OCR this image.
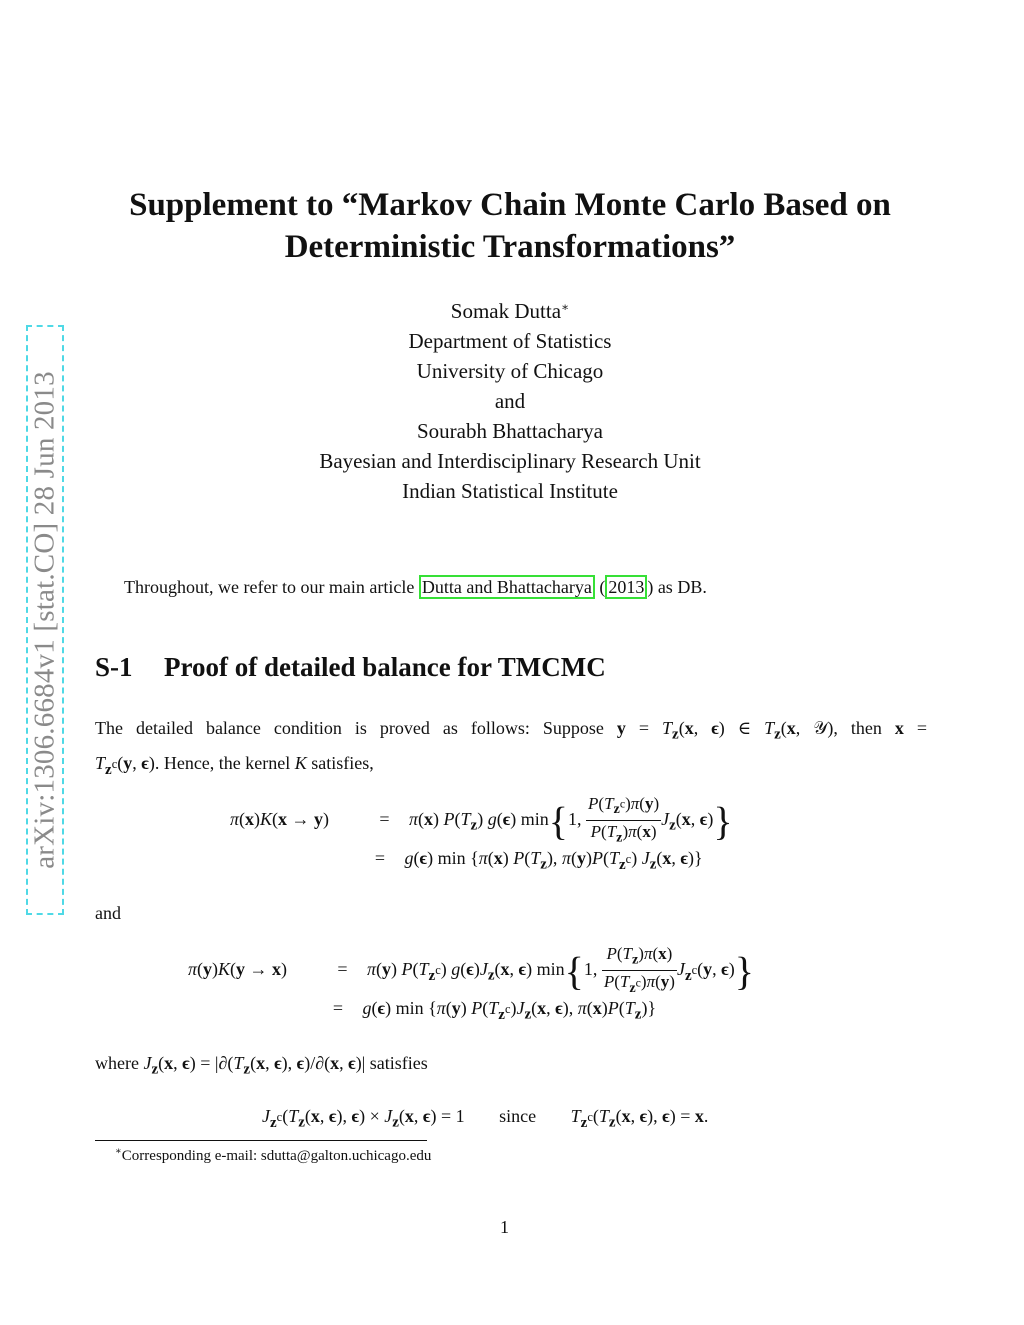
arXiv:1306.6684v1 [stat.CO] 28 Jun 2013
Supplement to “Markov Chain Monte Carlo Based on
Deterministic Transformations”
Somak Dutta∗
Department of Statistics
University of Chicago
and
Sourabh Bhattacharya
Bayesian and Interdisciplinary Research Unit
Indian Statistical Institute
Throughout, we refer to our main article Dutta and Bhattacharya ( 2013 ) as DB.
S-1 Proof of detailed balance for TMCMC
The detailed balance condition is proved as follows: Suppose $y = T_z(x$, ϵ) ∈ $T_z(x$, 𝒴), then x =
$T_{z^c}(y$, ϵ). Hence, the kernel K satisfies,
π(x)K(x → y)	= π(x) $P(T_z)$ g(ϵ) min{1, $\frac{P(T_{z^c})\pi(y)}{P(T_z)\pi(x)} J_z(x$, ϵ)}
= g(ϵ) min {π(x) $P(T_z)$, $\pi(y)P(T_{z^c})$ $J_z(x$, ϵ)}
and
π(y)K(y → x)	= π(y) $P(T_{z^c})$ $g(\epsilon)J_z(x$, ϵ) min{1, $\frac{P(T_z)\pi(x)}{P(T_{z^c})\pi(y)} J_{z^c}(y$, ϵ)}
= g(ϵ) min {π(y) $P(T_{z^c})J_z(x$, ϵ), $\pi(x)P(T_z)$}
where $J_z(x$, $\epsilon) = |\partial(T_z(x$, ϵ), ϵ)/∂(x, ϵ)| satisfies
$J_{z^c}(T_z(x$, ϵ), $\epsilon) \times J_z(x$, ϵ) = 1 since $T_{z^c}(T_z(x$, ϵ), ϵ) = x.
∗Corresponding e-mail: sdutta@galton.uchicago.edu
1
